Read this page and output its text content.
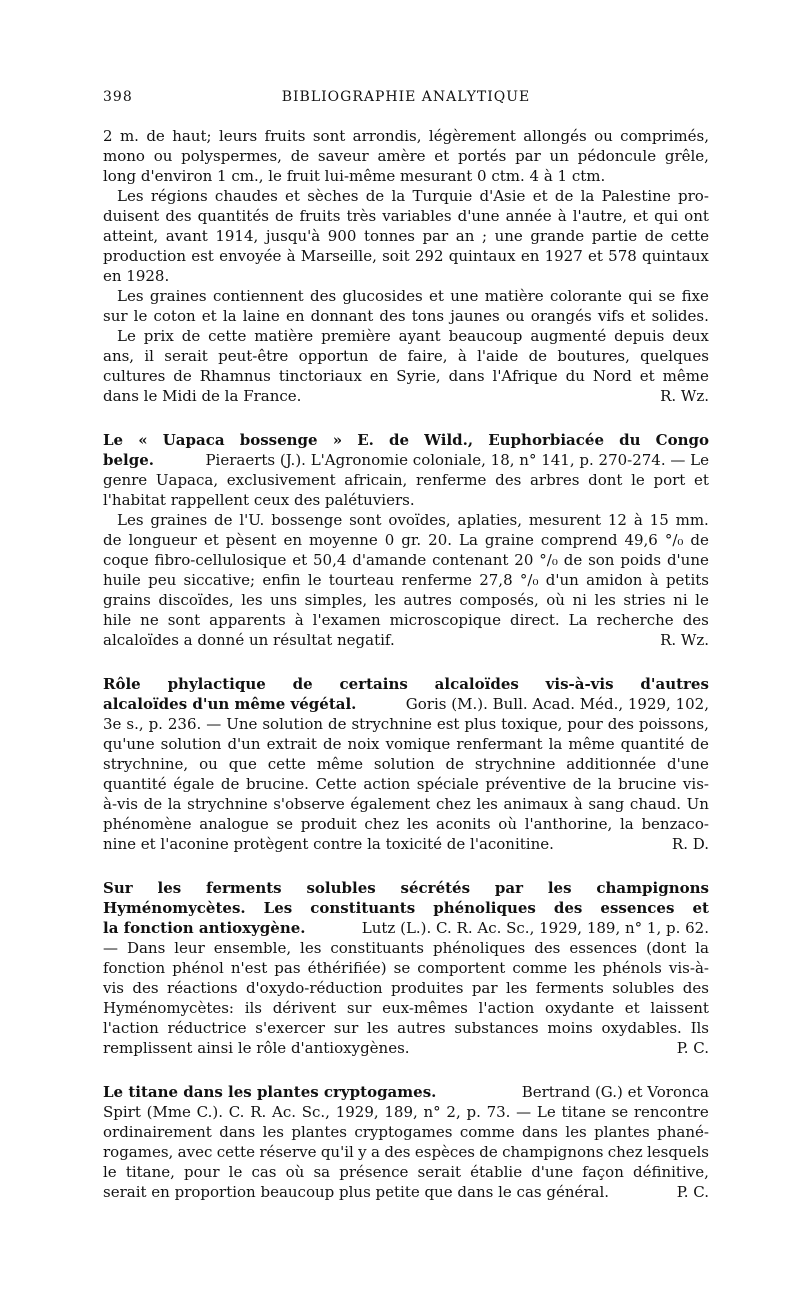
398	BIBLIOGRAPHIE ANALYTIQUE
2 m. de haut; leurs fruits sont arrondis, légèrement allongés ou comprimés,
mono ou polyspermes, de saveur amère et portés par un pédoncule grêle,
long d'environ 1 cm., le fruit lui-même mesurant 0 ctm. 4 à 1 ctm.
Les régions chaudes et sèches de la Turquie d'Asie et de la Palestine pro-
duisent des quantités de fruits très variables d'une année à l'autre, et qui ont
atteint, avant 1914, jusqu'à 900 tonnes par an ; une grande partie de cette
production est envoyée à Marseille, soit 292 quintaux en 1927 et 578 quintaux
en 1928.
Les graines contiennent des glucosides et une matière colorante qui se fixe
sur le coton et la laine en donnant des tons jaunes ou orangés vifs et solides.
Le prix de cette matière première ayant beaucoup augmenté depuis deux
ans, il serait peut-être opportun de faire, à l'aide de boutures, quelques
cultures de Rhamnus tinctoriaux en Syrie, dans l'Afrique du Nord et même
dans le Midi de la France.	R. Wz.
Le « Uapaca bossenge » E. de Wild., Euphorbiacée du Congo
belge.	Pieraerts (J.). L'Agronomie coloniale, 18, n° 141, p. 270-274. — Le
genre Uapaca, exclusivement africain, renferme des arbres dont le port et
l'habitat rappellent ceux des palétuviers.
Les graines de l'U. bossenge sont ovoïdes, aplaties, mesurent 12 à 15 mm.
de longueur et pèsent en moyenne 0 gr. 20. La graine comprend 49,6 °/₀ de
coque fibro-cellulosique et 50,4 d'amande contenant 20 °/₀ de son poids d'une
huile peu siccative; enfin le tourteau renferme 27,8 °/₀ d'un amidon à petits
grains discoïdes, les uns simples, les autres composés, où ni les stries ni le
hile ne sont apparents à l'examen microscopique direct. La recherche des
alcaloïdes a donné un résultat negatif.	R. Wz.
Rôle phylactique de certains alcaloïdes vis-à-vis d'autres
alcaloïdes d'un même végétal.	Goris (M.). Bull. Acad. Méd., 1929, 102,
3e s., p. 236. — Une solution de strychnine est plus toxique, pour des poissons,
qu'une solution d'un extrait de noix vomique renfermant la même quantité de
strychnine, ou que cette même solution de strychnine additionnée d'une
quantité égale de brucine. Cette action spéciale préventive de la brucine vis-
à-vis de la strychnine s'observe également chez les animaux à sang chaud. Un
phénomène analogue se produit chez les aconits où l'anthorine, la benzaco-
nine et l'aconine protègent contre la toxicité de l'aconitine.	R. D.
Sur les ferments solubles sécrétés par les champignons
Hyménomycètes. Les constituants phénoliques des essences et
la fonction antioxygène.	Lutz (L.). C. R. Ac. Sc., 1929, 189, n° 1, p. 62.
— Dans leur ensemble, les constituants phénoliques des essences (dont la
fonction phénol n'est pas éthérifiée) se comportent comme les phénols vis-à-
vis des réactions d'oxydo-réduction produites par les ferments solubles des
Hyménomycètes: ils dérivent sur eux-mêmes l'action oxydante et laissent
l'action réductrice s'exercer sur les autres substances moins oxydables. Ils
remplissent ainsi le rôle d'antioxygènes.	P. C.
Le titane dans les plantes cryptogames.	Bertrand (G.) et Voronca
Spirt (Mme C.). C. R. Ac. Sc., 1929, 189, n° 2, p. 73. — Le titane se rencontre
ordinairement dans les plantes cryptogames comme dans les plantes phané-
rogames, avec cette réserve qu'il y a des espèces de champignons chez lesquels
le titane, pour le cas où sa présence serait établie d'une façon définitive,
serait en proportion beaucoup plus petite que dans le cas général.	P. C.
